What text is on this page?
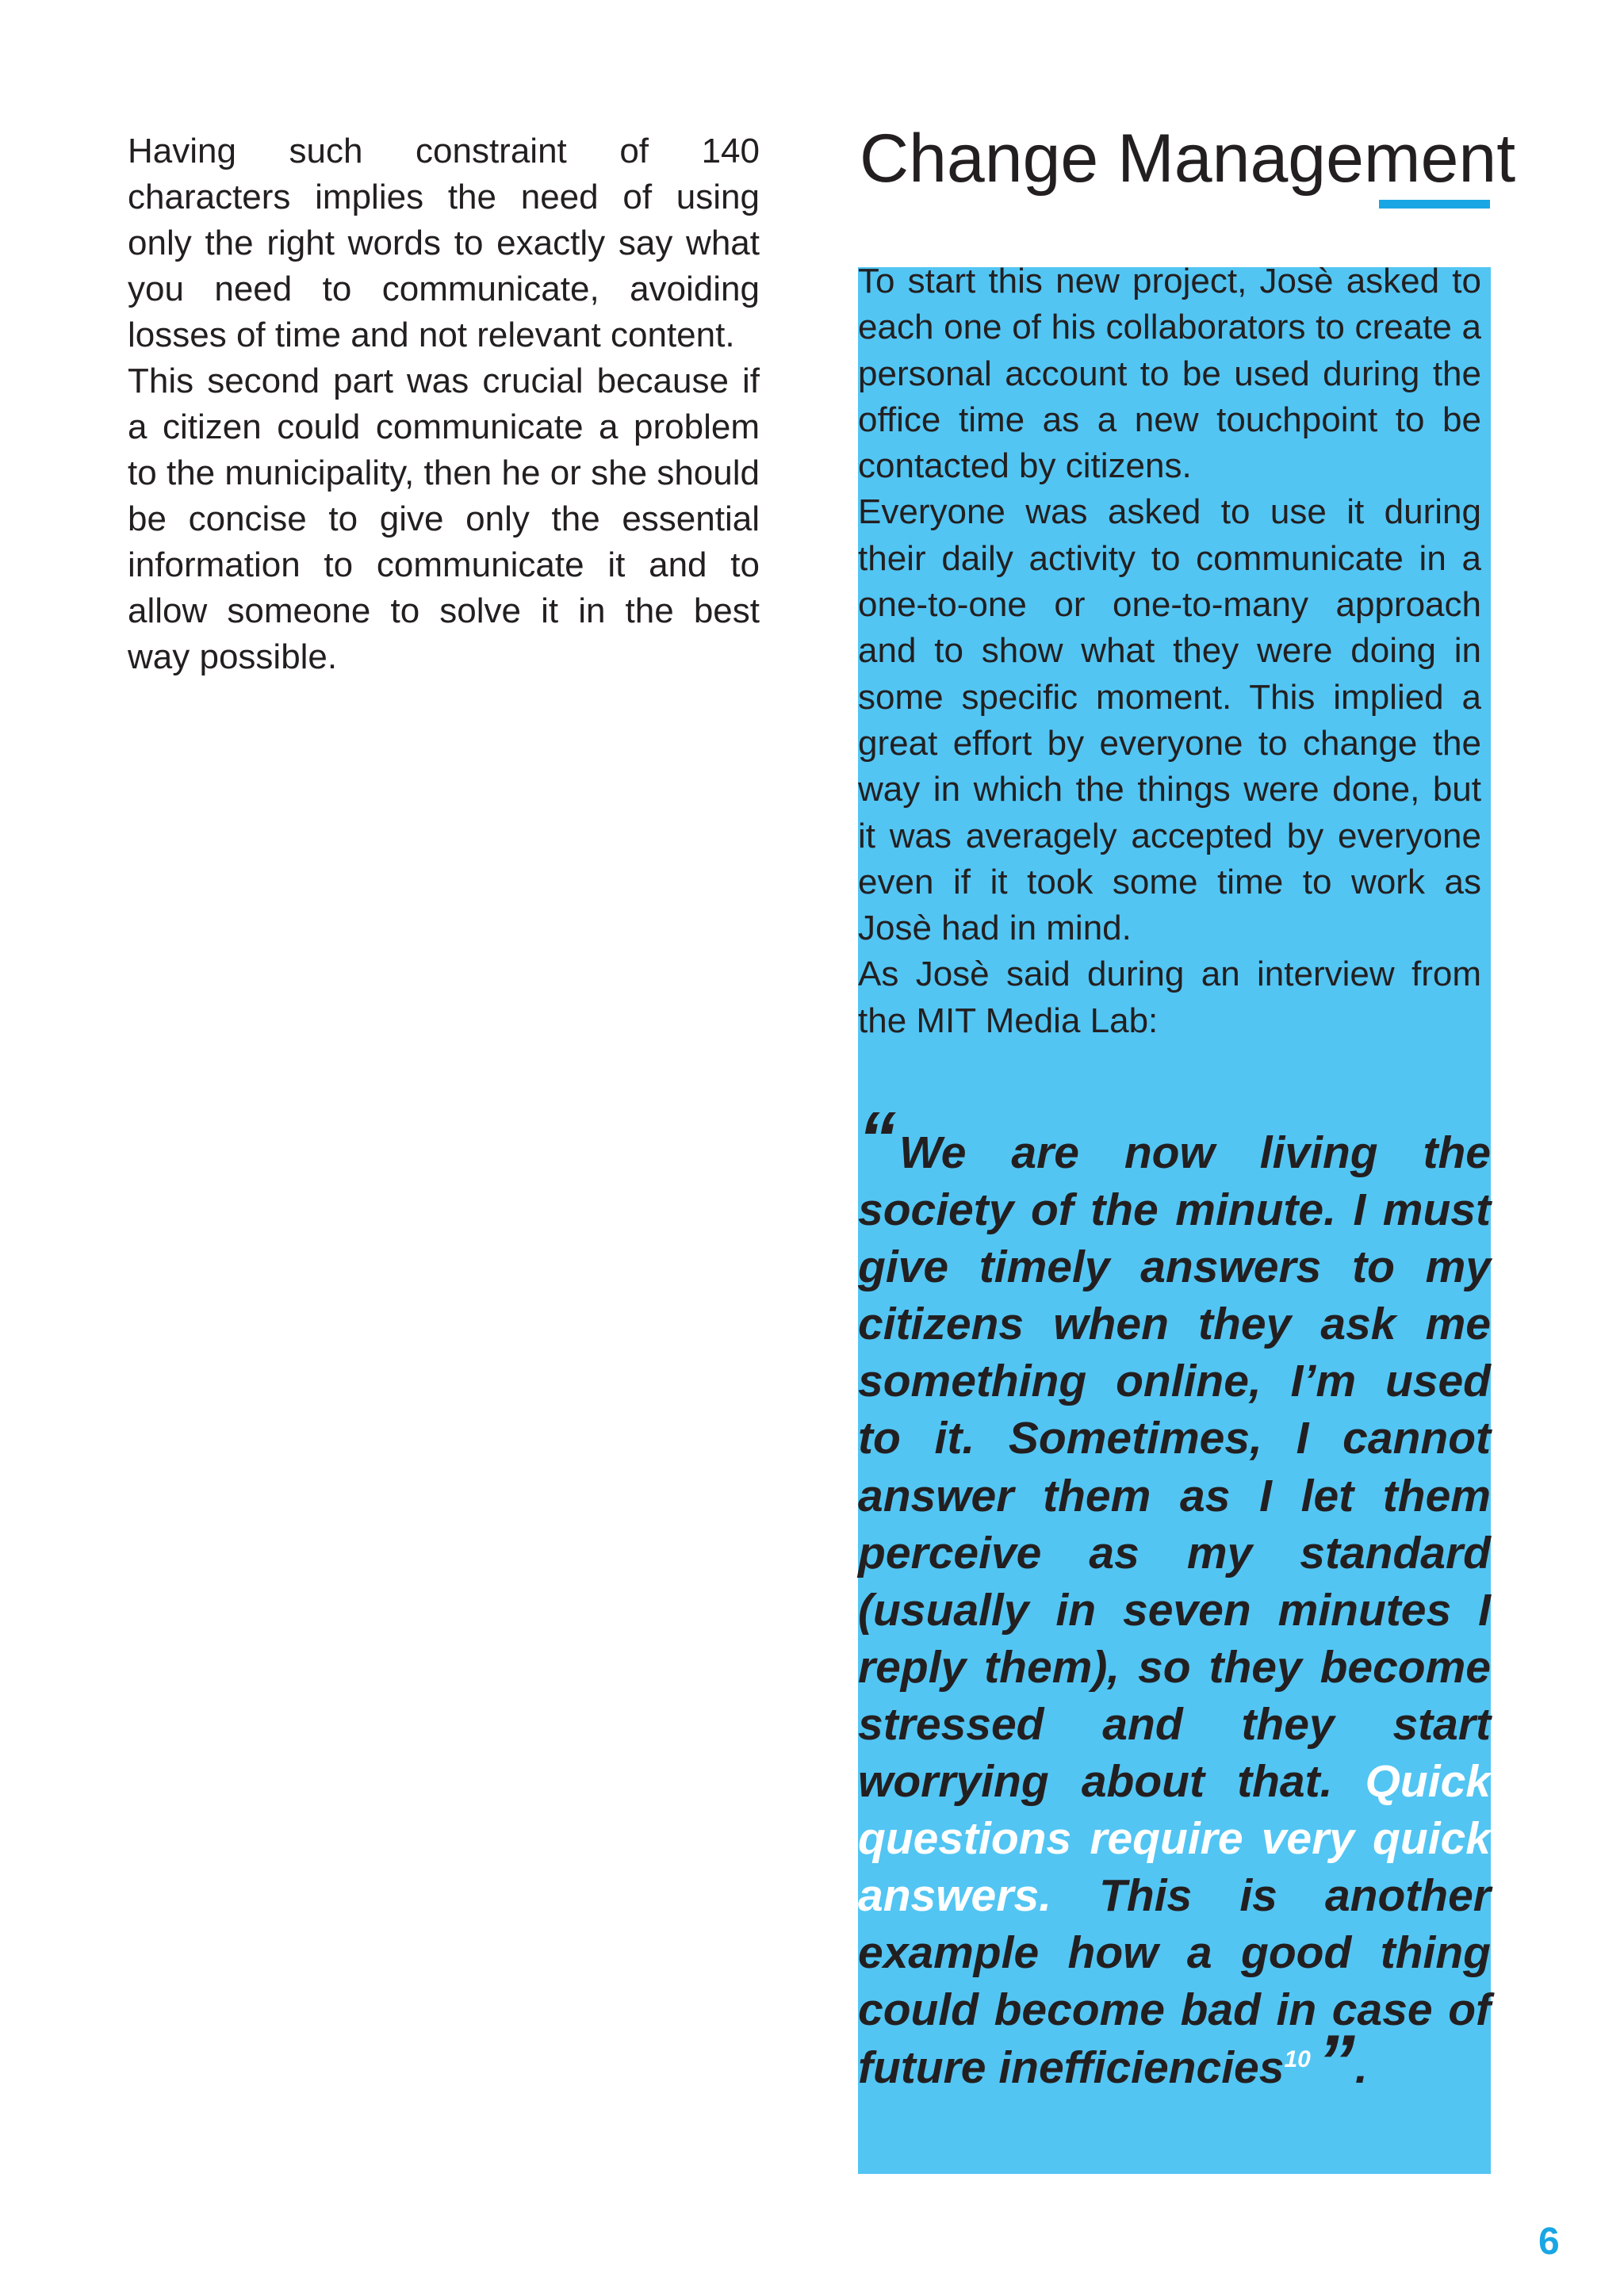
Having such constraint of 140 characters implies the need of using only the right words to exactly say what you need to communicate, avoiding losses of time and not relevant content.

This second part was crucial because if a citizen could communicate a problem to the municipality, then he or she should be concise to give only the essential information to communicate it and to allow someone to solve it in the best way possible.

Change Management

To start this new project, Josè asked to each one of his collaborators to create a personal account to be used during the office time as a new touchpoint to be contacted by citizens.

Everyone was asked to use it during their daily activity to communicate in a one-to-one or one-to-many approach and to show what they were doing in some specific moment. This implied a great effort by everyone to change the way in which the things were done, but it was averagely accepted by everyone even if it took some time to work as Josè had in mind.

As Josè said during an interview from the MIT Media Lab:

“We are now living the society of the minute. I must give timely answers to my citizens when they ask me something online, I’m used to it. Sometimes, I cannot answer them as I let them perceive as my standard (usually in seven minutes I reply them), so they become stressed and they start worrying about that. Quick questions require very quick answers. This is another example how a good thing could become bad in case of future inefficiencies$^{10}$”.

6
